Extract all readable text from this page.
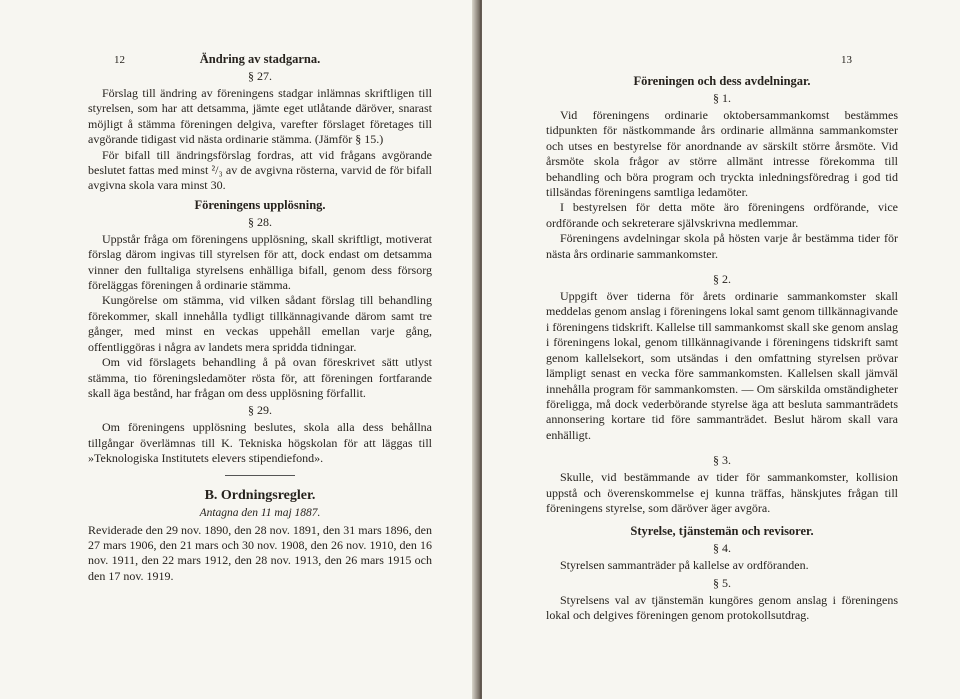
12	Ändring av stadgarna.
§ 27.

Förslag till ändring av föreningens stadgar inlämnas skriftligen till styrelsen, som har att detsamma, jämte eget utlåtande däröver, snarast möjligt å stämma föreningen delgiva, varefter förslaget företages till avgörande tidigast vid nästa ordinarie stämma. (Jämför § 15.)

För bifall till ändringsförslag fordras, att vid frågans avgörande beslutet fattas med minst ²/₃ av de avgivna rösterna, varvid de för bifall avgivna skola vara minst 30.

Föreningens upplösning.
§ 28.

Uppstår fråga om föreningens upplösning, skall skriftligt, motiverat förslag därom ingivas till styrelsen för att, dock endast om detsamma vinner den fulltaliga styrelsens enhälliga bifall, genom dess försorg föreläggas föreningen å ordinarie stämma.

Kungörelse om stämma, vid vilken sådant förslag till behandling förekommer, skall innehålla tydligt tillkännagivande därom samt tre gånger, med minst en veckas uppehåll emellan varje gång, offentliggöras i några av landets mera spridda tidningar.

Om vid förslagets behandling å på ovan föreskrivet sätt utlyst stämma, tio föreningsledamöter rösta för, att föreningen fortfarande skall äga bestånd, har frågan om dess upplösning förfallit.

§ 29.

Om föreningens upplösning beslutes, skola alla dess behållna tillgångar överlämnas till K. Tekniska högskolan för att läggas till »Teknologiska Institutets elevers stipendiefond».

B. Ordningsregler.
Antagna den 11 maj 1887.

Reviderade den 29 nov. 1890, den 28 nov. 1891, den 31 mars 1896, den 27 mars 1906, den 21 mars och 30 nov. 1908, den 26 nov. 1910, den 16 nov. 1911, den 22 mars 1912, den 28 nov. 1913, den 26 mars 1915 och den 17 nov. 1919.

13
Föreningen och dess avdelningar.
§ 1.

Vid föreningens ordinarie oktobersammankomst bestämmes tidpunkten för nästkommande års ordinarie allmänna sammankomster och utses en bestyrelse för anordnande av särskilt större årsmöte. Vid årsmöte skola frågor av större allmänt intresse förekomma till behandling och böra program och tryckta inledningsföredrag i god tid tillsändas föreningens samtliga ledamöter.

I bestyrelsen för detta möte äro föreningens ordförande, vice ordförande och sekreterare självskrivna medlemmar.

Föreningens avdelningar skola på hösten varje år bestämma tider för nästa års ordinarie sammankomster.

§ 2.

Uppgift över tiderna för årets ordinarie sammankomster skall meddelas genom anslag i föreningens lokal samt genom tillkännagivande i föreningens tidskrift. Kallelse till sammankomst skall ske genom anslag i föreningens lokal, genom tillkännagivande i föreningens tidskrift samt genom kallelsekort, som utsändas i den omfattning styrelsen prövar lämpligt senast en vecka före sammankomsten. Kallelsen skall jämväl innehålla program för sammankomsten. — Om särskilda omständigheter föreligga, må dock vederbörande styrelse äga att besluta sammanträdets annonsering kortare tid före sammanträdet. Beslut härom skall vara enhälligt.

§ 3.

Skulle, vid bestämmande av tider för sammankomster, kollision uppstå och överenskommelse ej kunna träffas, hänskjutes frågan till föreningens styrelse, som däröver äger avgöra.

Styrelse, tjänstemän och revisorer.
§ 4.

Styrelsen sammanträder på kallelse av ordföranden.

§ 5.

Styrelsens val av tjänstemän kungöres genom anslag i föreningens lokal och delgives föreningen genom protokollsutdrag.
